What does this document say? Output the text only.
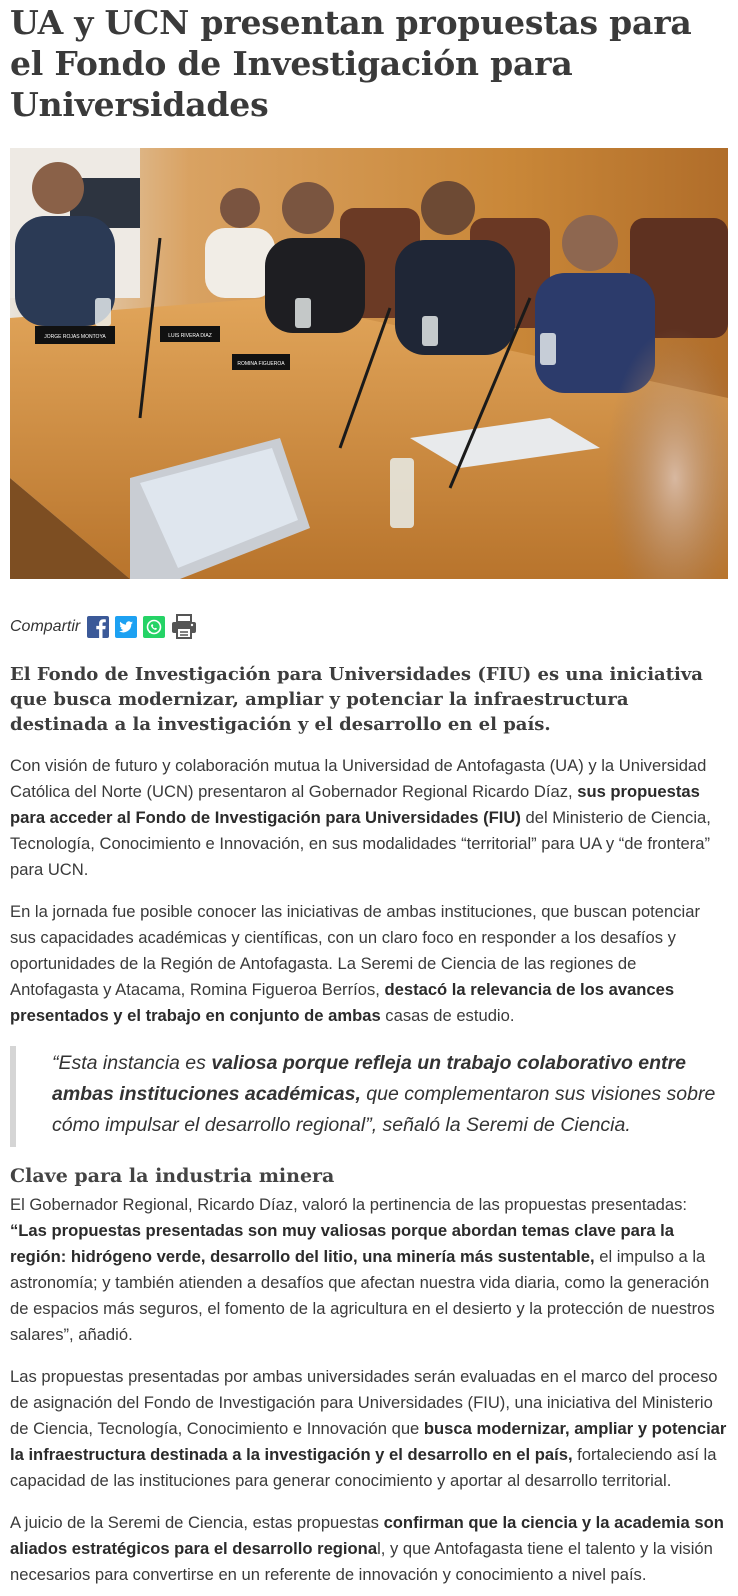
UA y UCN presentan propuestas para el Fondo de Investigación para Universidades
JORGE ROJAS MONTOYA	LUIS RIVERA DIAZ
ROMINA FIGUEROA
Compartir

El Fondo de Investigación para Universidades (FIU) es una iniciativa que busca modernizar, ampliar y potenciar la infraestructura destinada a la investigación y el desarrollo en el país.

Con visión de futuro y colaboración mutua la Universidad de Antofagasta (UA) y la Universidad Católica del Norte (UCN) presentaron al Gobernador Regional Ricardo Díaz, sus propuestas para acceder al Fondo de Investigación para Universidades (FIU) del Ministerio de Ciencia, Tecnología, Conocimiento e Innovación, en sus modalidades “territorial” para UA y “de frontera” para UCN.

En la jornada fue posible conocer las iniciativas de ambas instituciones, que buscan potenciar sus capacidades académicas y científicas, con un claro foco en responder a los desafíos y oportunidades de la Región de Antofagasta. La Seremi de Ciencia de las regiones de Antofagasta y Atacama, Romina Figueroa Berríos, destacó la relevancia de los avances presentados y el trabajo en conjunto de ambas casas de estudio.

“Esta instancia es valiosa porque refleja un trabajo colaborativo entre ambas instituciones académicas, que complementaron sus visiones sobre cómo impulsar el desarrollo regional”, señaló la Seremi de Ciencia.
Clave para la industria minera

El Gobernador Regional, Ricardo Díaz, valoró la pertinencia de las propuestas presentadas: “Las propuestas presentadas son muy valiosas porque abordan temas clave para la región: hidrógeno verde, desarrollo del litio, una minería más sustentable, el impulso a la astronomía; y también atienden a desafíos que afectan nuestra vida diaria, como la generación de espacios más seguros, el fomento de la agricultura en el desierto y la protección de nuestros salares”, añadió.

Las propuestas presentadas por ambas universidades serán evaluadas en el marco del proceso de asignación del Fondo de Investigación para Universidades (FIU), una iniciativa del Ministerio de Ciencia, Tecnología, Conocimiento e Innovación que busca modernizar, ampliar y potenciar la infraestructura destinada a la investigación y el desarrollo en el país, fortaleciendo así la capacidad de las instituciones para generar conocimiento y aportar al desarrollo territorial.

A juicio de la Seremi de Ciencia, estas propuestas confirman que la ciencia y la academia son aliados estratégicos para el desarrollo regional, y que Antofagasta tiene el talento y la visión necesarios para convertirse en un referente de innovación y conocimiento a nivel país.
